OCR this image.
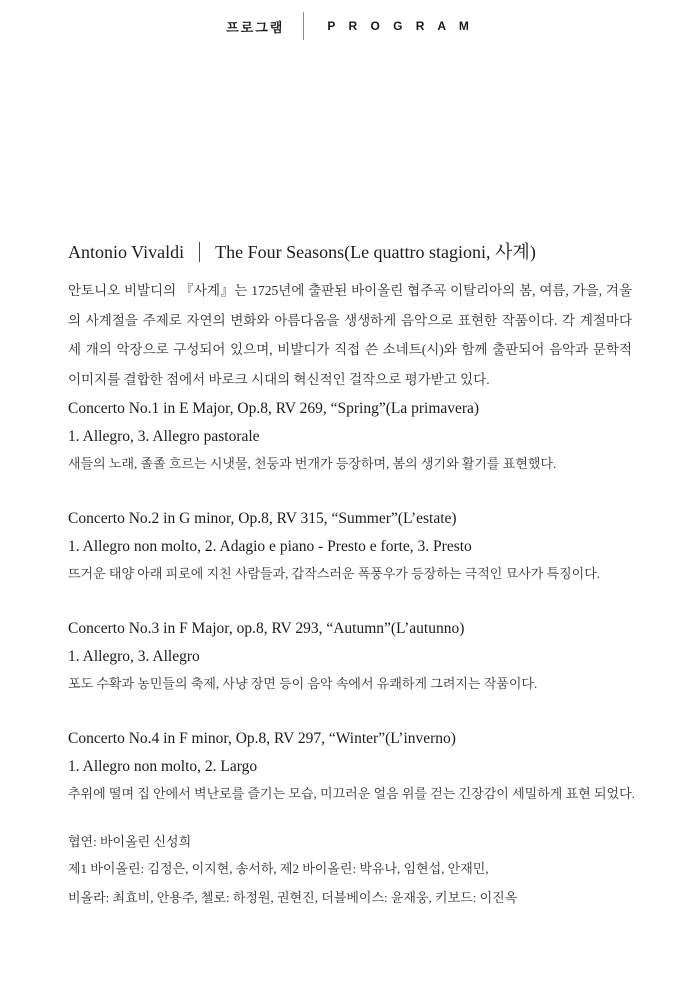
프로그램	P R O G R A M
Antonio Vivaldi The Four Seasons(Le quattro stagioni, 사계)

안토니오 비발디의 『사계』는 1725년에 출판된 바이올린 협주곡 이탈리아의 봄, 여름, 가을, 겨울의 사계절을 주제로 자연의 변화와 아름다움을 생생하게 음악으로 표현한 작품이다. 각 계절마다 세 개의 악장으로 구성되어 있으며, 비발디가 직접 쓴 소네트(시)와 함께 출판되어 음악과 문학적 이미지를 결합한 점에서 바로크 시대의 혁신적인 걸작으로 평가받고 있다.

Concerto No.1 in E Major, Op.8, RV 269, “Spring”(La primavera)
1. Allegro, 3. Allegro pastorale

새들의 노래, 졸졸 흐르는 시냇물, 천둥과 번개가 등장하며, 봄의 생기와 활기를 표현했다.

Concerto No.2 in G minor, Op.8, RV 315, “Summer”(L’estate)
1. Allegro non molto, 2. Adagio e piano - Presto e forte, 3. Presto

뜨거운 태양 아래 피로에 지친 사람들과, 갑작스러운 폭풍우가 등장하는 극적인 묘사가 특징이다.

Concerto No.3 in F Major, op.8, RV 293, “Autumn”(L’autunno)
1. Allegro, 3. Allegro

포도 수확과 농민들의 축제, 사냥 장면 등이 음악 속에서 유쾌하게 그려지는 작품이다.

Concerto No.4 in F minor, Op.8, RV 297, “Winter”(L’inverno)
1. Allegro non molto, 2. Largo

추위에 떨며 집 안에서 벽난로를 즐기는 모습, 미끄러운 얼음 위를 걷는 긴장감이 세밀하게 표현 되었다.

협연: 바이올린 신성희

제1 바이올린: 김정은, 이지현, 송서하, 제2 바이올린: 박유나, 임현섭, 안재민,

비올라: 최효비, 안용주, 첼로: 하정원, 권현진, 더블베이스: 윤재웅, 키보드: 이진옥
